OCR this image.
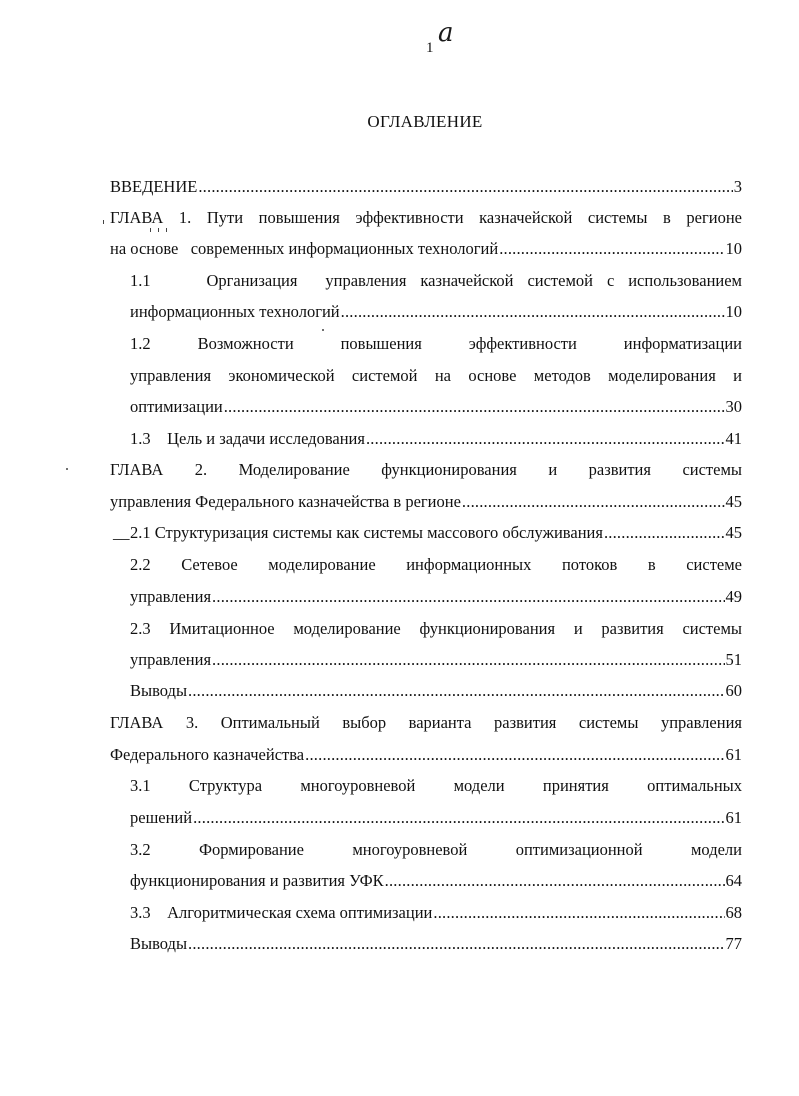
a
1
ОГЛАВЛЕНИЕ
ВВЕДЕНИЕ .....	3
ГЛАВА 1. Пути повышения эффективности казначейской системы в регионе
на основе   современных информационных технологий .....	10
1.1    Организация  управления казначейской системой с использованием
информационных технологий .....	10
1.2 Возможности повышения эффективности информатизации
управления экономической системой на основе методов моделирования и
оптимизации .....	30
1.3    Цель и задачи исследования .....	41
ГЛАВА 2. Моделирование функционирования и развития системы
управления Федерального казначейства в регионе .....	45
__ 2.1 Структуризация системы как системы массового обслуживания .....	45
2.2 Сетевое моделирование информационных потоков в системе
управления .....	49
2.3 Имитационное моделирование функционирования и развития системы
управления .....	51
Выводы .....	60
ГЛАВА 3. Оптимальный выбор варианта развития системы управления
Федерального казначейства .....	61
3.1 Структура многоуровневой модели принятия оптимальных
решений .....	61
3.2 Формирование многоуровневой оптимизационной модели
функционирования и развития УФК .....	64
3.3    Алгоритмическая схема оптимизации .....	68
Выводы .....	77
